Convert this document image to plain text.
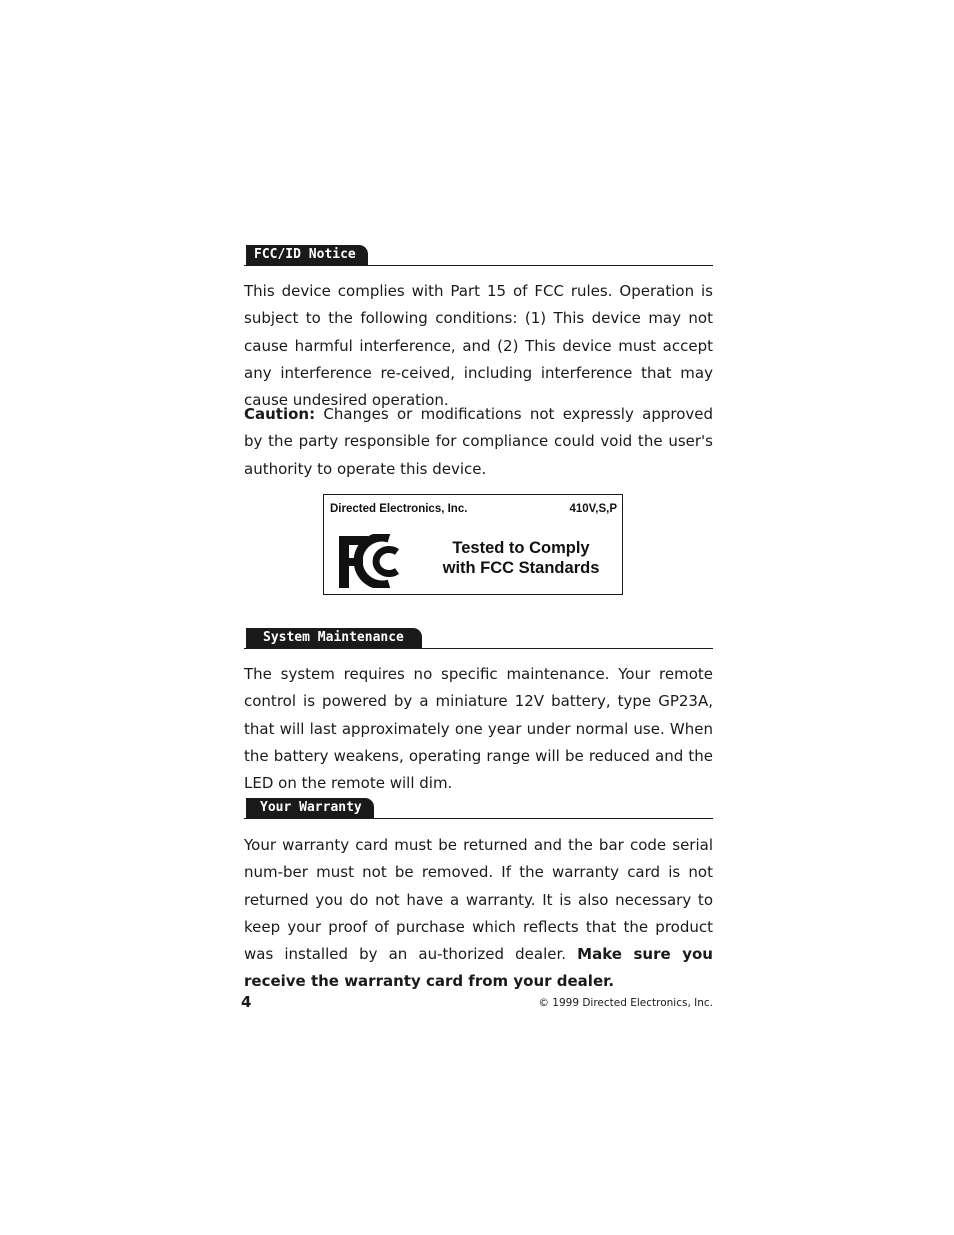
FCC/ID Notice

This device complies with Part 15 of FCC rules. Operation is subject to the following conditions: (1) This device may not cause harmful interference, and (2) This device must accept any interference re-ceived, including interference that may cause undesired operation.

Caution: Changes or modifications not expressly approved by the party responsible for compliance could void the user's authority to operate this device.

Directed Electronics, Inc.	410V,S,P
Tested to Comply
with FCC Standards
System Maintenance

The system requires no specific maintenance. Your remote control is powered by a miniature 12V battery, type GP23A, that will last approximately one year under normal use. When the battery weakens, operating range will be reduced and the LED on the remote will dim.

Your Warranty

Your warranty card must be returned and the bar code serial num-ber must not be removed. If the warranty card is not returned you do not have a warranty. It is also necessary to keep your proof of purchase which reflects that the product was installed by an au-thorized dealer. Make sure you receive the warranty card from your dealer.

4	© 1999 Directed Electronics, Inc.
